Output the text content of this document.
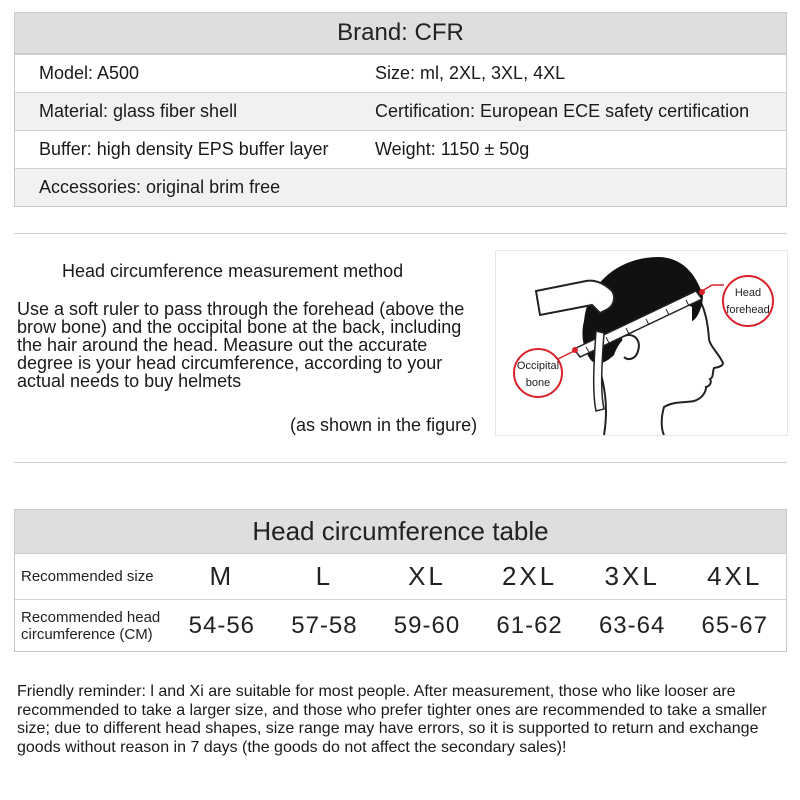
Brand: CFR
Model: A500	Size: ml, 2XL, 3XL, 4XL
Material: glass fiber shell	Certification: European ECE safety certification
Buffer: high density EPS buffer layer	Weight: 1150 ± 50g
Accessories: original brim free
Head circumference measurement method
Use a soft ruler to pass through the forehead (above the brow bone) and the occipital bone at the back, including the hair around the head. Measure out the accurate degree is your head circumference, according to your actual needs to buy helmets
(as shown in the figure)
Head
forehead
Occipital
bone
Head circumference table
Recommended size	M	L	XL	2XL	3XL	4XL
Recommended head circumference (CM)	54-56	57-58	59-60	61-62	63-64	65-67
Friendly reminder: l and Xi are suitable for most people. After measurement, those who like looser are recommended to take a larger size, and those who prefer tighter ones are recommended to take a smaller size; due to different head shapes, size range may have errors, so it is supported to return and exchange goods without reason in 7 days (the goods do not affect the secondary sales)!
